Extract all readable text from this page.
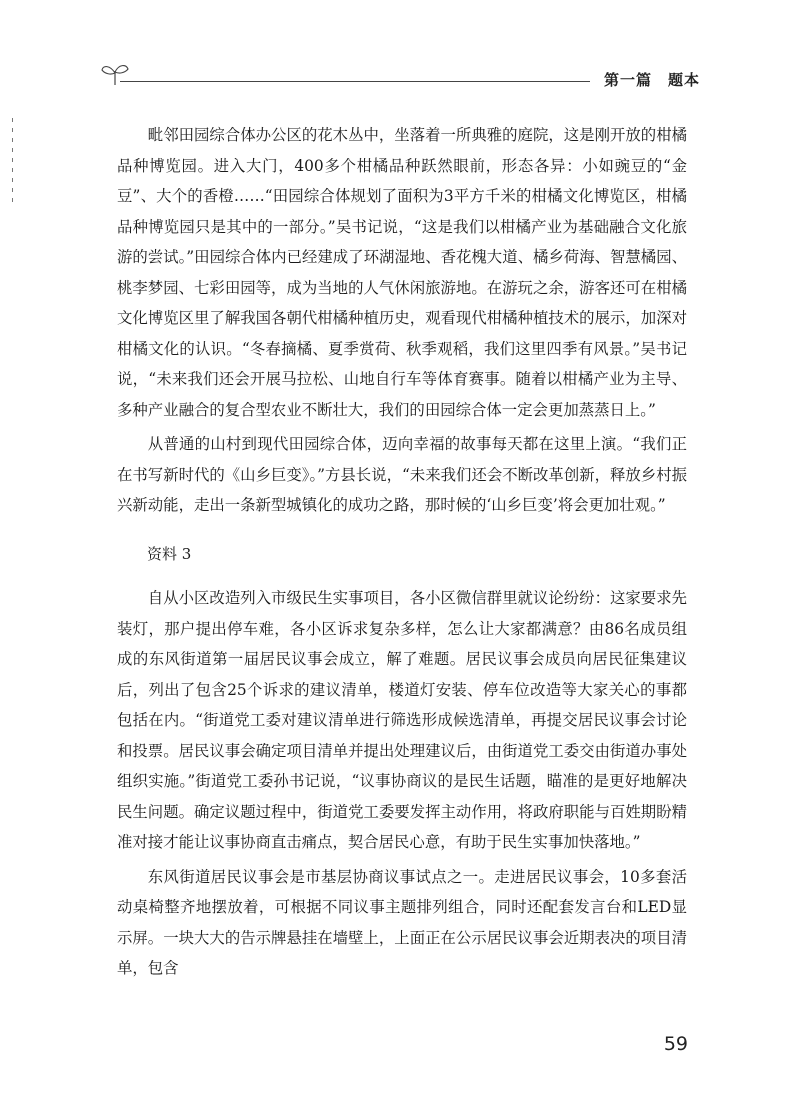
第一篇　题本

毗邻田园综合体办公区的花木丛中，坐落着一所典雅的庭院，这是刚开放的柑橘品种博览园。进入大门，400多个柑橘品种跃然眼前，形态各异：小如豌豆的“金豆”、大个的香橙……“田园综合体规划了面积为3平方千米的柑橘文化博览区，柑橘品种博览园只是其中的一部分。”吴书记说，“这是我们以柑橘产业为基础融合文化旅游的尝试。”田园综合体内已经建成了环湖湿地、香花槐大道、橘乡荷海、智慧橘园、桃李梦园、七彩田园等，成为当地的人气休闲旅游地。在游玩之余，游客还可在柑橘文化博览区里了解我国各朝代柑橘种植历史，观看现代柑橘种植技术的展示，加深对柑橘文化的认识。“冬春摘橘、夏季赏荷、秋季观稻，我们这里四季有风景。”吴书记说，“未来我们还会开展马拉松、山地自行车等体育赛事。随着以柑橘产业为主导、多种产业融合的复合型农业不断壮大，我们的田园综合体一定会更加蒸蒸日上。”

从普通的山村到现代田园综合体，迈向幸福的故事每天都在这里上演。“我们正在书写新时代的《山乡巨变》。”方县长说，“未来我们还会不断改革创新，释放乡村振兴新动能，走出一条新型城镇化的成功之路，那时候的‘山乡巨变’将会更加壮观。”

资料 3

自从小区改造列入市级民生实事项目，各小区微信群里就议论纷纷：这家要求先装灯，那户提出停车难，各小区诉求复杂多样，怎么让大家都满意？由86名成员组成的东风街道第一届居民议事会成立，解了难题。居民议事会成员向居民征集建议后，列出了包含25个诉求的建议清单，楼道灯安装、停车位改造等大家关心的事都包括在内。“街道党工委对建议清单进行筛选形成候选清单，再提交居民议事会讨论和投票。居民议事会确定项目清单并提出处理建议后，由街道党工委交由街道办事处组织实施。”街道党工委孙书记说，“议事协商议的是民生话题，瞄准的是更好地解决民生问题。确定议题过程中，街道党工委要发挥主动作用，将政府职能与百姓期盼精准对接才能让议事协商直击痛点，契合居民心意，有助于民生实事加快落地。”

东风街道居民议事会是市基层协商议事试点之一。走进居民议事会，10多套活动桌椅整齐地摆放着，可根据不同议事主题排列组合，同时还配套发言台和LED显示屏。一块大大的告示牌悬挂在墙壁上，上面正在公示居民议事会近期表决的项目清单，包含

59
